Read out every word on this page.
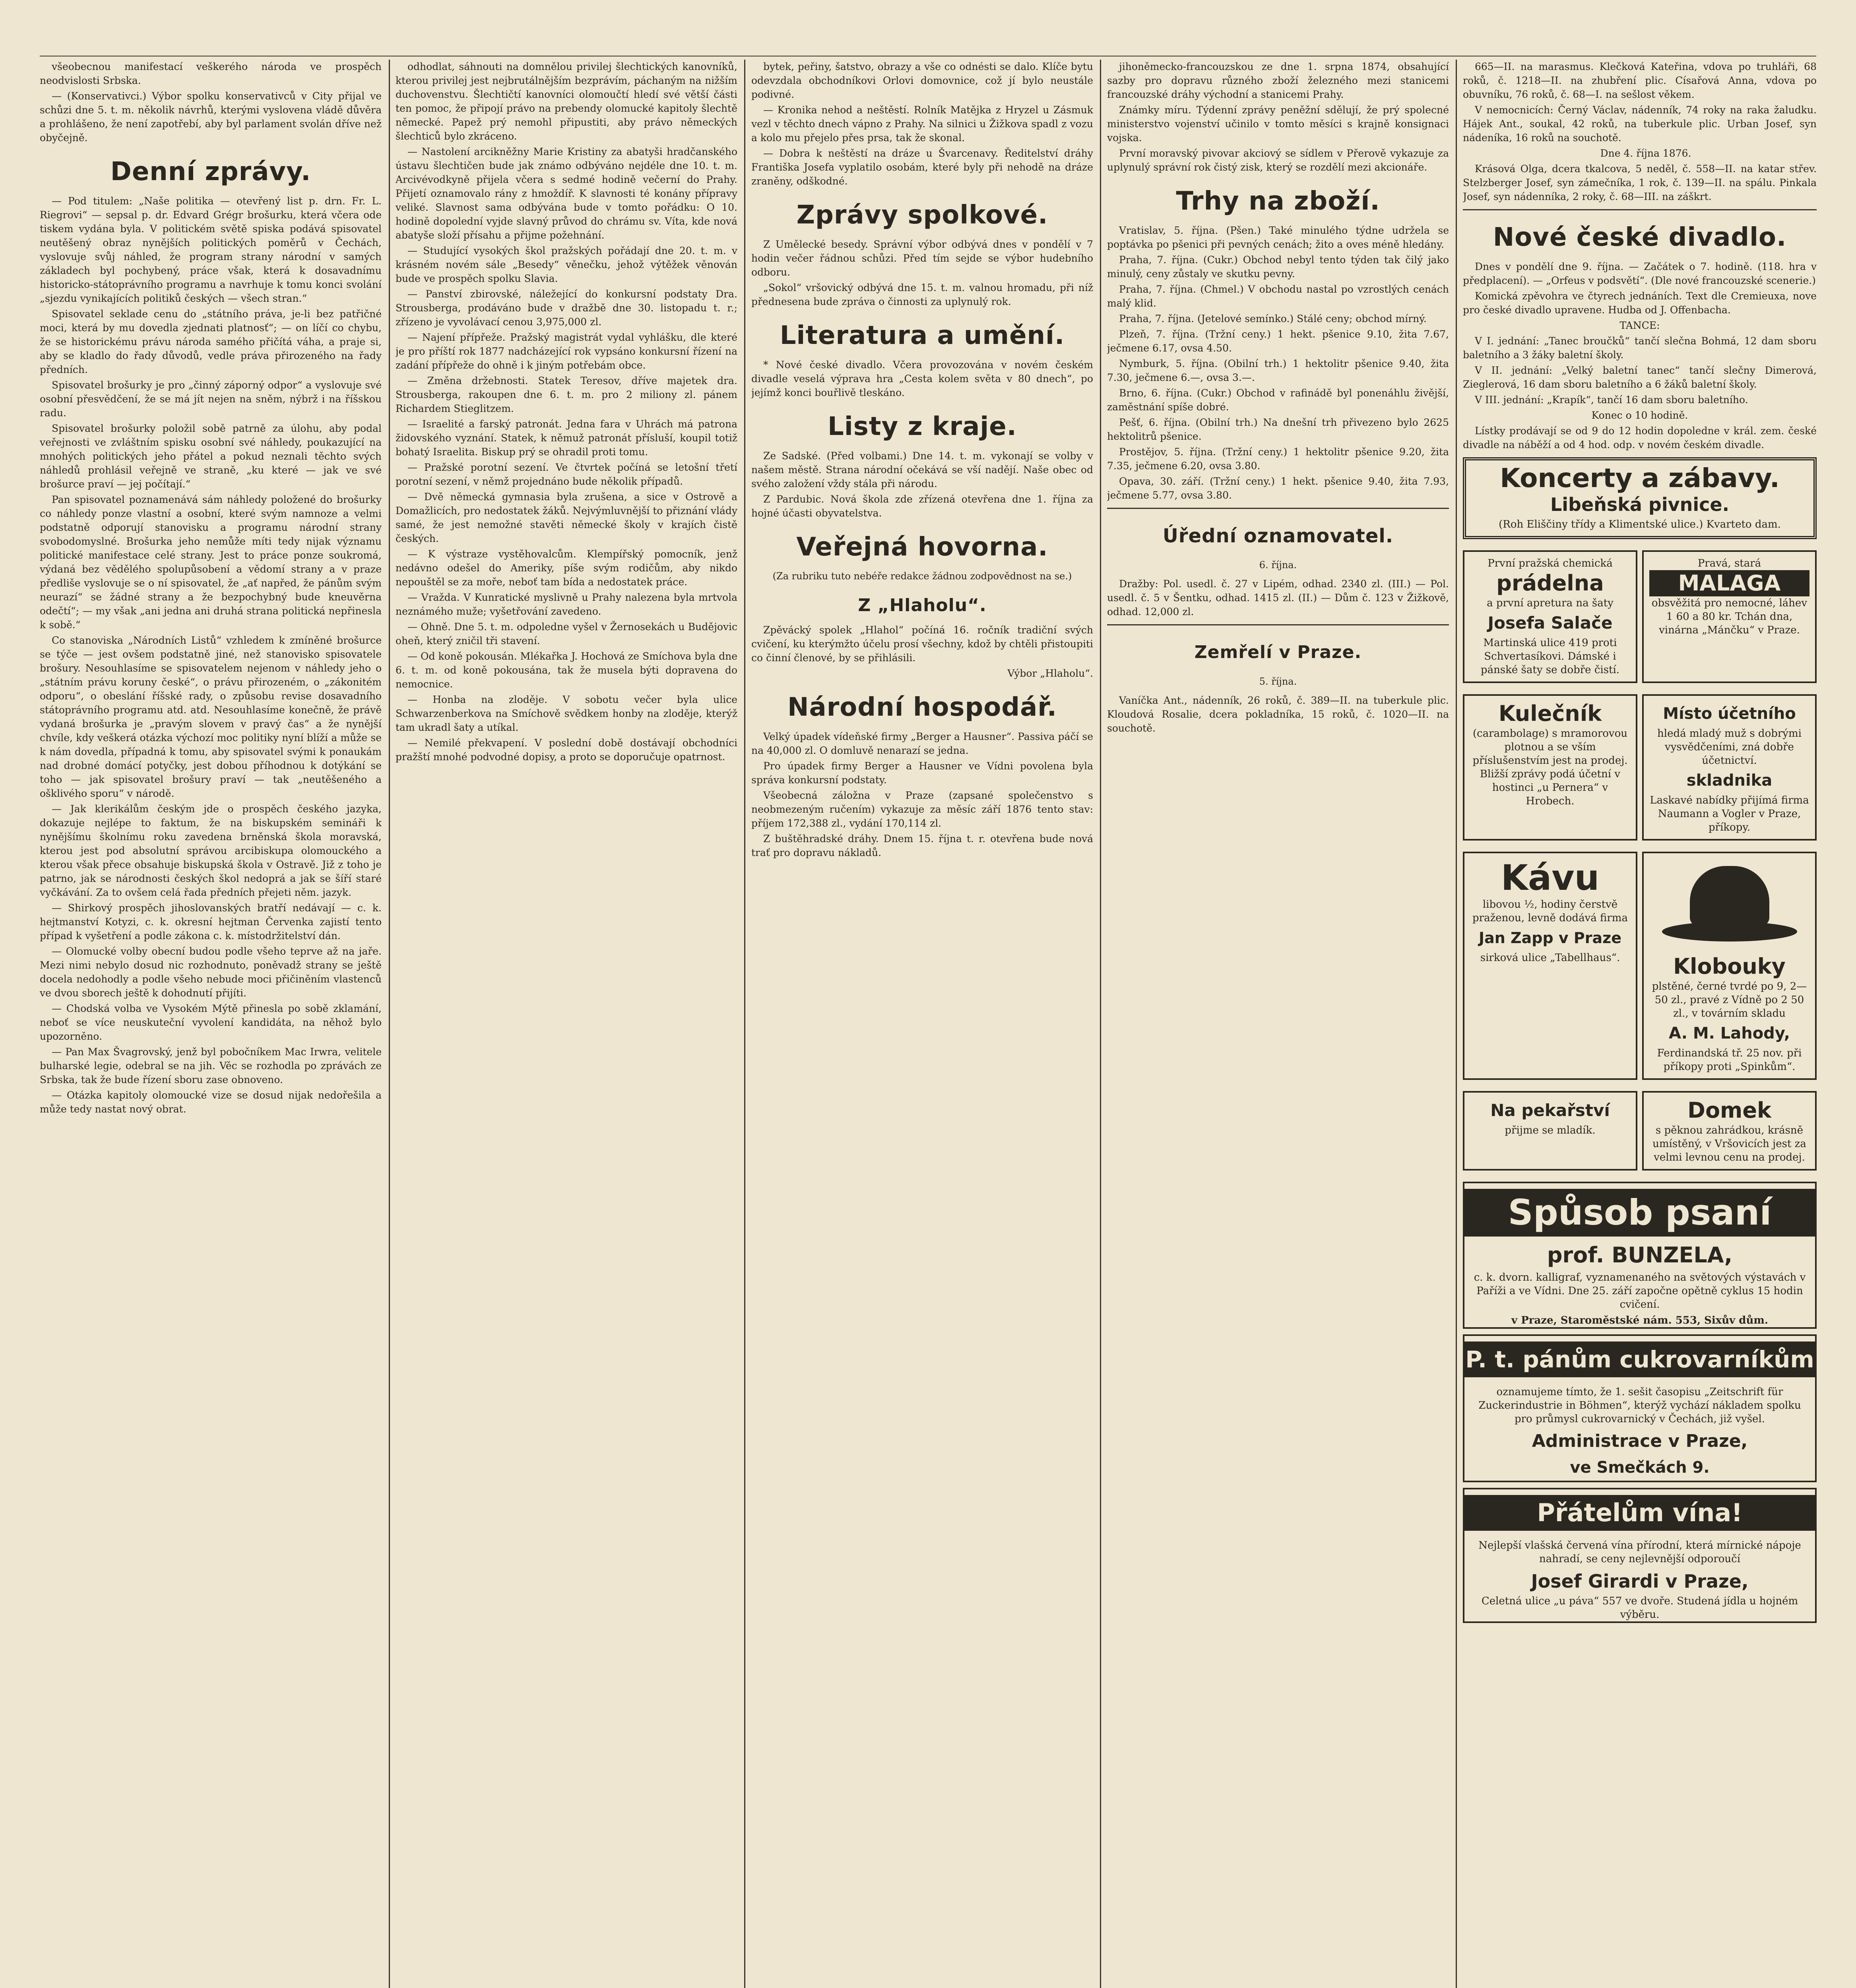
všeobecnou manifestací veškerého národa ve prospěch neodvislosti Srbska.

— (Konservativci.) Výbor spolku konservativců v City přijal ve schůzi dne 5. t. m. několik návrhů, kterými vyslovena vládě důvěra a prohlášeno, že není zapotřebí, aby byl parlament svolán dříve než obyčejně.

Denní zprávy.

— Pod titulem: „Naše politika — otevřený list p. drn. Fr. L. Riegrovi“ — sepsal p. dr. Edvard Grégr brošurku, která včera ode tiskem vydána byla. V politickém světě spiska podává spisovatel neutěšený obraz nynějších politických poměrů v Čechách, vyslovuje svůj náhled, že program strany národní v samých základech byl pochybený, práce však, která k dosavadnímu historicko-státoprávního programu a navrhuje k tomu konci svolání „sjezdu vynikajících politiků českých — všech stran.“

Spisovatel seklade cenu do „státního práva, je-li bez patřičné moci, která by mu dovedla zjednati platnosť“; — on líčí co chybu, že se historickému právu národa samého přičítá váha, a praje si, aby se kladlo do řady důvodů, vedle práva přirozeného na řady předních.

Spisovatel brošurky je pro „činný záporný odpor“ a vyslovuje své osobní přesvědčení, že se má jít nejen na sněm, nýbrž i na říšskou radu.

Spisovatel brošurky položil sobě patrně za úlohu, aby podal veřejnosti ve zvláštním spisku osobní své náhledy, poukazující na mnohých politických jeho přátel a pokud neznali těchto svých náhledů prohlásil veřejně ve straně, „ku které — jak ve své brošurce praví — jej počítají.“

Pan spisovatel poznamenává sám náhledy položené do brošurky co náhledy ponze vlastní a osobní, které svým namnoze a velmi podstatně odporují stanovisku a programu národní strany svobodomyslné. Brošurka jeho nemůže míti tedy nijak významu politické manifestace celé strany. Jest to práce ponze soukromá, výdaná bez vědělého spolupůsobení a vědomí strany a v praze předliše vyslovuje se o ní spisovatel, že „ať napřed, že pánům svým neurazí“ se žádné strany a že bezpochybný bude kneuvěrna odečtí“; — my však „ani jedna ani druhá strana politická nepřinesla k sobě.“

Co stanoviska „Národních Listů“ vzhledem k zmíněné brošurce se týče — jest ovšem podstatně jiné, než stanovisko spisovatele brošury. Nesouhlasíme se spisovatelem nejenom v náhledy jeho o „státním právu koruny české“, o právu přirozeném, o „zákonitém odporu“, o obeslání říšské rady, o způsobu revise dosavadního státoprávního programu atd. atd. Nesouhlasíme konečně, že právě vydaná brošurka je „pravým slovem v pravý čas“ a že nynější chvíle, kdy veškerá otázka výchozí moc politiky nyní blíží a může se k nám dovedla, případná k tomu, aby spisovatel svými k ponaukám nad drobné domácí potyčky, jest dobou příhodnou k dotýkání se toho — jak spisovatel brošury praví — tak „neutěšeného a ošklivého sporu“ v národě.

— Jak klerikálům českým jde o prospěch českého jazyka, dokazuje nejlépe to faktum, že na biskupském semináři k nynějšímu školnímu roku zavedena brněnská škola moravská, kterou jest pod absolutní správou arcibiskupa olomouckého a kterou však přece obsahuje biskupská škola v Ostravě. Již z toho je patrno, jak se národnosti českých škol nedoprá a jak se šíří staré vyčkávání. Za to ovšem celá řada předních přejeti něm. jazyk.

— Shirkový prospěch jihoslovanských bratří nedávají — c. k. hejtmanství Kotyzi, c. k. okresní hejtman Červenka zajistí tento případ k vyšetření a podle zákona c. k. místodržitelství dán.

— Olomucké volby obecní budou podle všeho teprve až na jaře. Mezi nimi nebylo dosud nic rozhodnuto, poněvadž strany se ještě docela nedohodly a podle všeho nebude moci přičiněním vlastenců ve dvou sborech ještě k dohodnutí přijíti.

— Chodská volba ve Vysokém Mýtě přinesla po sobě zklamání, neboť se více neuskuteční vyvolení kandidáta, na něhož bylo upozorněno.

— Pan Max Švagrovský, jenž byl pobočníkem Mac Irwra, velitele bulharské legie, odebral se na jih. Věc se rozhodla po zprávách ze Srbska, tak že bude řízení sboru zase obnoveno.

— Otázka kapitoly olomoucké vize se dosud nijak nedořešila a může tedy nastat nový obrat.

odhodlat, sáhnouti na domnělou privilej šlechtických kanovníků, kterou privilej jest nejbrutálnějším bezprávím, páchaným na nižším duchovenstvu. Šlechtičtí kanovníci olomoučtí hledí své větší části ten pomoc, že připojí právo na prebendy olomucké kapitoly šlechtě německé. Papež prý nemohl připustiti, aby právo německých šlechticů bylo zkráceno.

— Nastolení arcikněžny Marie Kristiny za abatyši hradčanského ústavu šlechtičen bude jak známo odbýváno nejdéle dne 10. t. m. Arcivévodkyně přijela včera s sedmé hodině večerní do Prahy. Přijetí oznamovalo rány z hmoždíř. K slavnosti té konány přípravy veliké. Slavnost sama odbývána bude v tomto pořádku: O 10. hodině dopolední vyjde slavný průvod do chrámu sv. Víta, kde nová abatyše složí přísahu a přijme požehnání.

— Studující vysokých škol pražských pořádají dne 20. t. m. v krásném novém sále „Besedy“ věnečku, jehož výtěžek věnován bude ve prospěch spolku Slavia.

— Panství zbirovské, náležející do konkursní podstaty Dra. Strousberga, prodáváno bude v dražbě dne 30. listopadu t. r.; zřízeno je vyvolávací cenou 3,975,000 zl.

— Najení přípřeže. Pražský magistrát vydal vyhlášku, dle které je pro příští rok 1877 nadcházející rok vypsáno konkursní řízení na zadání přípřeže do ohně i k jiným potřebám obce.

— Změna držebnosti. Statek Teresov, dříve majetek dra. Strousberga, rakoupen dne 6. t. m. pro 2 miliony zl. pánem Richardem Stieglitzem.

— Israelité a farský patronát. Jedna fara v Uhrách má patrona židovského vyznání. Statek, k němuž patronát přísluší, koupil totiž bohatý Israelita. Biskup prý se ohradil proti tomu.

— Pražské porotní sezení. Ve čtvrtek počíná se letošní třetí porotní sezení, v němž projednáno bude několik případů.

— Dvě německá gymnasia byla zrušena, a sice v Ostrově a Domažlicích, pro nedostatek žáků. Nejvýmluvnější to přiznání vlády samé, že jest nemožné stavěti německé školy v krajích čistě českých.

— K výstraze vystěhovalcům. Klempířský pomocník, jenž nedávno odešel do Ameriky, píše svým rodičům, aby nikdo nepouštěl se za moře, neboť tam bída a nedostatek práce.

— Vražda. V Kunratické myslivně u Prahy nalezena byla mrtvola neznámého muže; vyšetřování zavedeno.

— Ohně. Dne 5. t. m. odpoledne vyšel v Žernosekách u Budějovic oheň, který zničil tři stavení.

— Od koně pokousán. Mlékařka J. Hochová ze Smíchova byla dne 6. t. m. od koně pokousána, tak že musela býti dopravena do nemocnice.

— Honba na zloděje. V sobotu večer byla ulice Schwarzenberkova na Smíchově svědkem honby na zloděje, kterýž tam ukradl šaty a utíkal.

— Nemilé překvapení. V poslední době dostávají obchodníci pražští mnohé podvodné dopisy, a proto se doporučuje opatrnost.

bytek, peřiny, šatstvo, obrazy a vše co odnésti se dalo. Klíče bytu odevzdala obchodníkovi Orlovi domovnice, což jí bylo neustále podivné.

— Kronika nehod a neštěstí. Rolník Matějka z Hryzel u Zásmuk vezl v těchto dnech vápno z Prahy. Na silnici u Žižkova spadl z vozu a kolo mu přejelo přes prsa, tak že skonal.

— Dobra k neštěstí na dráze u Švarcenavy. Ředitelství dráhy Františka Josefa vyplatilo osobám, které byly při nehodě na dráze zraněny, odškodné.

Zprávy spolkové.

Z Umělecké besedy. Správní výbor odbývá dnes v pondělí v 7 hodin večer řádnou schůzi. Před tím sejde se výbor hudebního odboru.

„Sokol“ vršovický odbývá dne 15. t. m. valnou hromadu, při níž přednesena bude zpráva o činnosti za uplynulý rok.

Literatura a umění.

* Nové české divadlo. Včera provozována v novém českém divadle veselá výprava hra „Cesta kolem světa v 80 dnech“, po jejímž konci bouřlivě tleskáno.

Listy z kraje.

Ze Sadské. (Před volbami.) Dne 14. t. m. vykonají se volby v našem městě. Strana národní očekává se vší nadějí. Naše obec od svého založení vždy stála při národu.

Z Pardubic. Nová škola zde zřízená otevřena dne 1. října za hojné účasti obyvatelstva.

Veřejná hovorna.
(Za rubriku tuto nebéře redakce žádnou zodpovědnost na se.)
Z „Hlaholu“.

Zpěvácký spolek „Hlahol“ počíná 16. ročník tradiční svých cvičení, ku kterýmžto účelu prosí všechny, kdož by chtěli přistoupiti co činní členové, by se přihlásili.

Výbor „Hlaholu“.

Národní hospodář.

Velký úpadek vídeňské firmy „Berger a Hausner“. Passiva páčí se na 40,000 zl. O domluvě nenarazí se jedna.

Pro úpadek firmy Berger a Hausner ve Vídni povolena byla správa konkursní podstaty.

Všeobecná záložna v Praze (zapsané společenstvo s neobmezeným ručením) vykazuje za měsíc září 1876 tento stav: příjem 172,388 zl., vydání 170,114 zl.

Z buštěhradské dráhy. Dnem 15. října t. r. otevřena bude nová trať pro dopravu nákladů.

jihoněmecko-francouzskou ze dne 1. srpna 1874, obsahující sazby pro dopravu různého zboží železného mezi stanicemi francouzské dráhy východní a stanicemi Prahy.

Známky míru. Týdenní zprávy peněžní sdělují, že prý spolecné ministerstvo vojenství učinilo v tomto měsíci s krajně konsignaci vojska.

První moravský pivovar akciový se sídlem v Přerově vykazuje za uplynulý správní rok čistý zisk, který se rozdělí mezi akcionáře.

Trhy na zboží.

Vratislav, 5. října. (Pšen.) Také minulého týdne udržela se poptávka po pšenici při pevných cenách; žito a oves méně hledány.

Praha, 7. října. (Cukr.) Obchod nebyl tento týden tak čilý jako minulý, ceny zůstaly ve skutku pevny.

Praha, 7. října. (Chmel.) V obchodu nastal po vzrostlých cenách malý klid.

Praha, 7. října. (Jetelové semínko.) Stálé ceny; obchod mírný.

Plzeň, 7. října. (Tržní ceny.) 1 hekt. pšenice 9.10, žita 7.67, ječmene 6.17, ovsa 4.50.

Nymburk, 5. října. (Obilní trh.) 1 hektolitr pšenice 9.40, žita 7.30, ječmene 6.—, ovsa 3.—.

Brno, 6. října. (Cukr.) Obchod v rafinádě byl ponenáhlu živější, zaměstnání spíše dobré.

Pešť, 6. října. (Obilní trh.) Na dnešní trh přivezeno bylo 2625 hektolitrů pšenice.

Prostějov, 5. října. (Tržní ceny.) 1 hektolitr pšenice 9.20, žita 7.35, ječmene 6.20, ovsa 3.80.

Opava, 30. září. (Tržní ceny.) 1 hekt. pšenice 9.40, žita 7.93, ječmene 5.77, ovsa 3.80.

Úřední oznamovatel.
6. října.

Dražby: Pol. usedl. č. 27 v Lipém, odhad. 2340 zl. (III.) — Pol. usedl. č. 5 v Šentku, odhad. 1415 zl. (II.) — Dům č. 123 v Žižkově, odhad. 12,000 zl.

Zemřelí v Praze.
5. října.

Vaníčka Ant., nádenník, 26 roků, č. 389—II. na tuberkule plic. Kloudová Rosalie, dcera pokladníka, 15 roků, č. 1020—II. na souchotě.

665—II. na marasmus. Klečková Kateřina, vdova po truhláři, 68 roků, č. 1218—II. na zhubření plic. Císařová Anna, vdova po obuvníku, 76 roků, č. 68—I. na sešlost věkem.

V nemocnicích: Černý Václav, nádenník, 74 roky na raka žaludku. Hájek Ant., soukal, 42 roků, na tuberkule plic. Urban Josef, syn nádeníka, 16 roků na souchotě.

Dne 4. října 1876.

Krásová Olga, dcera tkalcova, 5 neděl, č. 558—II. na katar střev. Stelzberger Josef, syn zámečníka, 1 rok, č. 139—II. na spálu. Pinkala Josef, syn nádenníka, 2 roky, č. 68—III. na záškrt.

Nové české divadlo.

Dnes v pondělí dne 9. října. — Začátek o 7. hodině. (118. hra v předplacení). — „Orfeus v podsvětí“. (Dle nové francouzské scenerie.)

Komická zpěvohra ve čtyrech jednáních. Text dle Cremieuxa, nove pro české divadlo upravene. Hudba od J. Offenbacha.

TANCE:

V I. jednání: „Tanec broučků“ tančí slečna Bohmá, 12 dam sboru baletního a 3 žáky baletní školy.

V II. jednání: „Velký baletní tanec“ tančí slečny Dimerová, Zieglerová, 16 dam sboru baletního a 6 žáků baletní školy.

V III. jednání: „Krapík“, tančí 16 dam sboru baletního.

Konec o 10 hodině.

Lístky prodávají se od 9 do 12 hodin dopoledne v král. zem. české divadle na náběží a od 4 hod. odp. v novém českém divadle.

Koncerty a zábavy.
Libeňská pivnice.
(Roh Eliščiny třídy a Klimentské ulice.) Kvarteto dam.
První pražská chemická
prádelna
a první apretura na šaty
Josefa Salače
Martinská ulice 419 proti Schvertasíkovi. Dámské i pánské šaty se dobře čistí.
Pravá, stará
MALAGA
obsvěžitá pro nemocné, láhev 1 60 a 80 kr. Tchán dna, vinárna „Mánčku“ v Praze.
Kulečník
(carambolage) s mramorovou plotnou a se vším příslušenstvím jest na prodej. Bližší zprávy podá účetní v hostinci „u Pernera“ v Hrobech.
Místo účetního
hledá mladý muž s dobrými vysvědčeními, zná dobře účetnictví.
skladnika
Laskavé nabídky přijímá firma Naumann a Vogler v Praze, příkopy.
Kávu
libovou ½, hodiny čerstvě praženou, levně dodává firma
Jan Zapp v Praze
sirková ulice „Tabellhaus“.	Klobouky
plstěné, černé tvrdé po 9, 2—50 zl., pravé z Vídně po 2 50 zl., v továrním skladu
A. M. Lahody,
Ferdinandská tř. 25 nov. při příkopy proti „Spinkům“.
Na pekařství
přijme se mladík.
Domek
s pěknou zahrádkou, krásně umístěný, v Vršovicích jest za velmi levnou cenu na prodej.
Spůsob psaní
prof. BUNZELA,
c. k. dvorn. kalligraf, vyznamenaného na světových výstavách v Paříži a ve Vídni. Dne 25. září započne opětně cyklus 15 hodin cvičení.
v Praze, Staroměstské nám. 553, Sixův dům.
P. t. pánům cukrovarníkům
oznamujeme tímto, že 1. sešit časopisu „Zeitschrift für Zuckerindustrie in Böhmen“, kterýž vychází nákladem spolku pro průmysl cukrovarnický v Čechách, již vyšel.
Administrace v Praze,
ve Smečkách 9.
Přátelům vína!
Nejlepší vlašská červená vína přírodní, která mírnické nápoje nahradí, se ceny nejlevnější odporoučí
Josef Girardi v Praze,
Celetná ulice „u páva“ 557 ve dvoře. Studená jídla u hojném výběru.
